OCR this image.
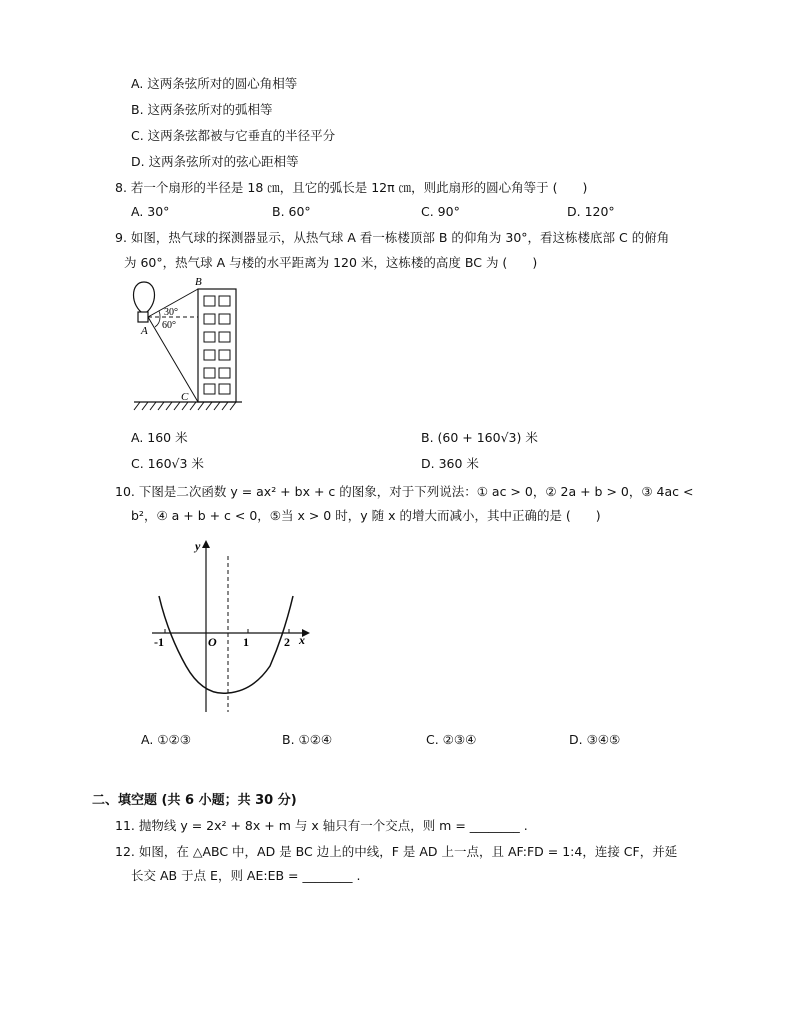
A. 这两条弦所对的圆心角相等
B. 这两条弦所对的弧相等
C. 这两条弦都被与它垂直的半径平分
D. 这两条弦所对的弦心距相等
8. 若一个扇形的半径是 18 ㎝，且它的弧长是 12π ㎝，则此扇形的圆心角等于 (　　)
A. 30°	B. 60°	C. 90°	D. 120°
9. 如图，热气球的探测器显示，从热气球 A 看一栋楼顶部 B 的仰角为 30°，看这栋楼底部 C 的俯角
为 60°，热气球 A 与楼的水平距离为 120 米，这栋楼的高度 BC 为 (　　)
A
B
C
30°
60°
A. 160 米	B. (60 + 160√3) 米
C. 160√3 米	D. 360 米
10. 下图是二次函数 y = ax² + bx + c 的图象，对于下列说法：① ac > 0，② 2a + b > 0，③ 4ac <
b²，④ a + b + c < 0，⑤当 x > 0 时，y 随 x 的增大而减小，其中正确的是 (　　)
y
x
O
-1	1	2
A. ①②③	B. ①②④	C. ②③④	D. ③④⑤
二、填空题 (共 6 小题；共 30 分)
11. 抛物线 y = 2x² + 8x + m 与 x 轴只有一个交点，则 m = ________ .
12. 如图，在 △ABC 中，AD 是 BC 边上的中线，F 是 AD 上一点，且 AF:FD = 1:4，连接 CF，并延
长交 AB 于点 E，则 AE:EB = ________ .
